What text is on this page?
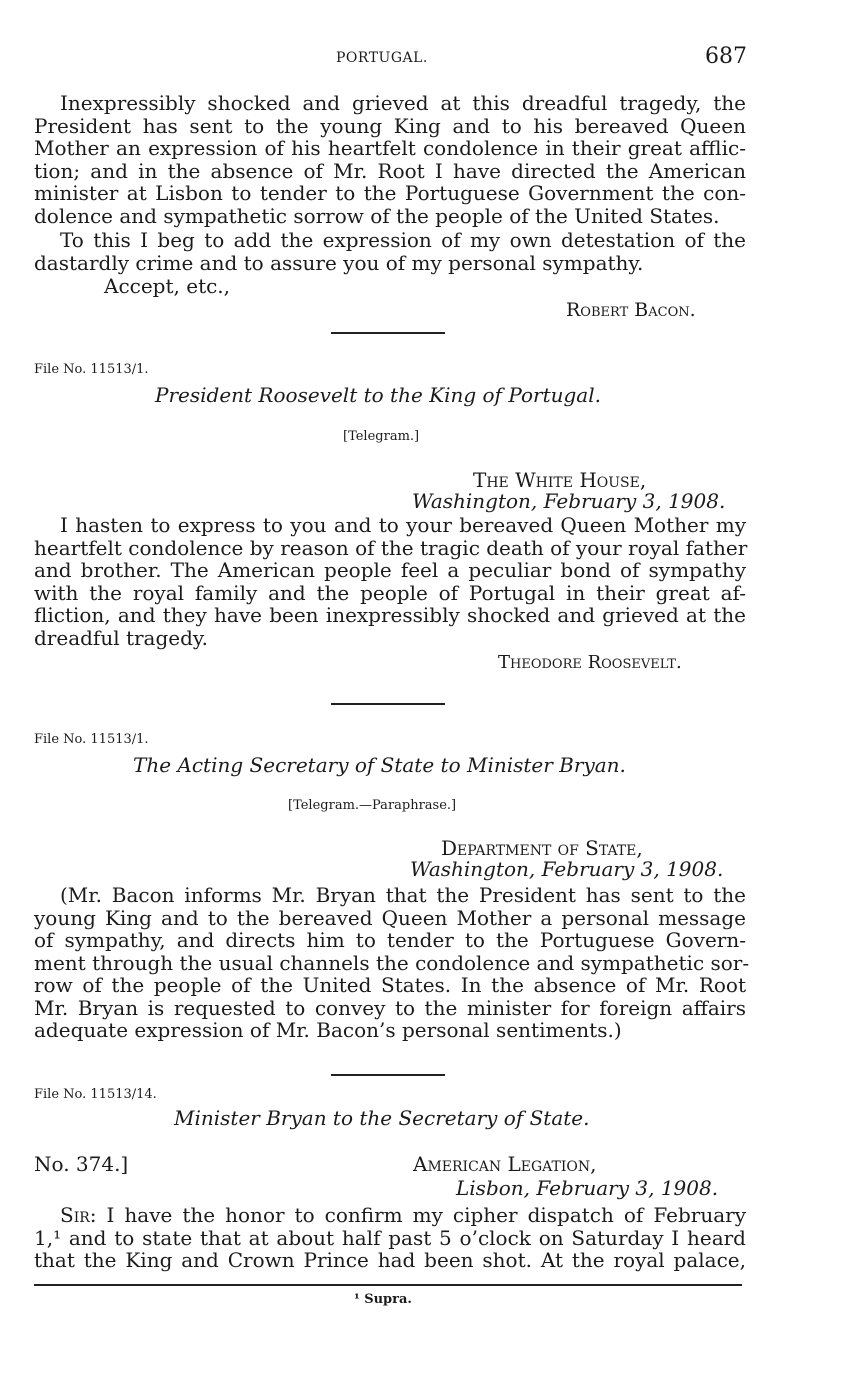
PORTUGAL.	687
Inexpressibly shocked and grieved at this dreadful tragedy, the
President has sent to the young King and to his bereaved Queen
Mother an expression of his heartfelt condolence in their great afflic-
tion; and in the absence of Mr. Root I have directed the American
minister at Lisbon to tender to the Portuguese Government the con-
dolence and sympathetic sorrow of the people of the United States.
To this I beg to add the expression of my own detestation of the
dastardly crime and to assure you of my personal sympathy.
Accept, etc.,
Robert Bacon.
File No. 11513/1.
President Roosevelt to the King of Portugal.
[Telegram.]
The White House,
Washington, February 3, 1908.
I hasten to express to you and to your bereaved Queen Mother my
heartfelt condolence by reason of the tragic death of your royal father
and brother. The American people feel a peculiar bond of sympathy
with the royal family and the people of Portugal in their great af-
fliction, and they have been inexpressibly shocked and grieved at the
dreadful tragedy.
Theodore Roosevelt.
File No. 11513/1.
The Acting Secretary of State to Minister Bryan.
[Telegram.—Paraphrase.]
Department of State,
Washington, February 3, 1908.
(Mr. Bacon informs Mr. Bryan that the President has sent to the
young King and to the bereaved Queen Mother a personal message
of sympathy, and directs him to tender to the Portuguese Govern-
ment through the usual channels the condolence and sympathetic sor-
row of the people of the United States. In the absence of Mr. Root
Mr. Bryan is requested to convey to the minister for foreign affairs
adequate expression of Mr. Bacon’s personal sentiments.)
File No. 11513/14.
Minister Bryan to the Secretary of State.
No. 374.]	American Legation,
Lisbon, February 3, 1908.
Sir: I have the honor to confirm my cipher dispatch of February
1,¹ and to state that at about half past 5 o’clock on Saturday I heard
that the King and Crown Prince had been shot. At the royal palace,
¹ Supra.
